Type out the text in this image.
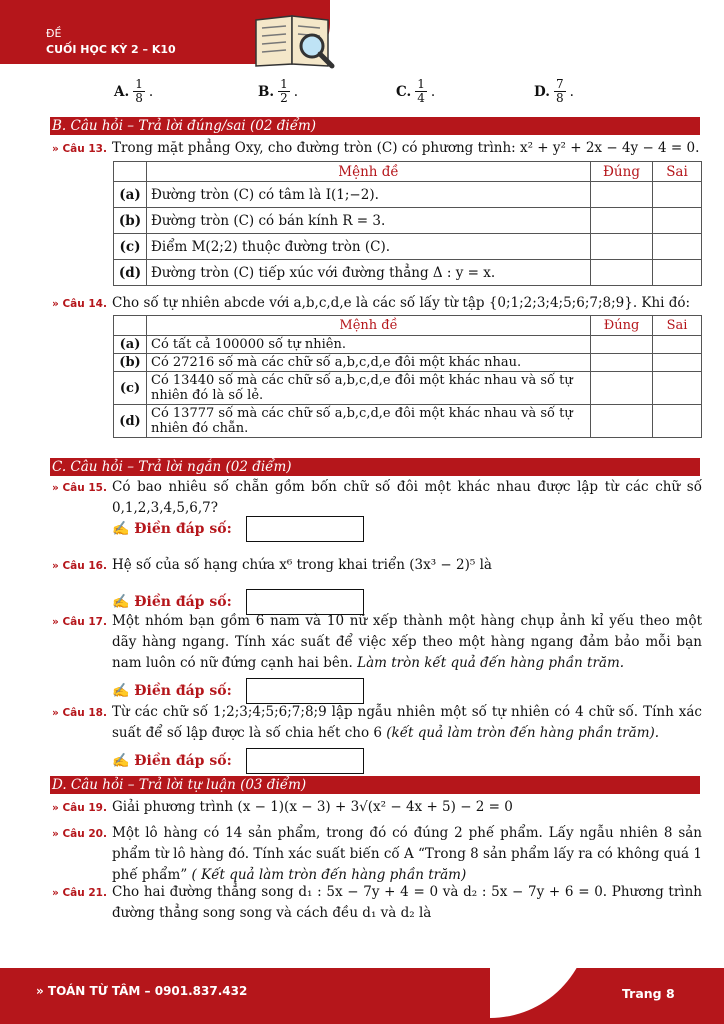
ĐỀ
CUỐI HỌC KỲ 2 – K10
A. $\frac{1}{8}$ .	B. $\frac{1}{2}$ .	C. $\frac{1}{4}$ .	D. $\frac{7}{8}$ .
B. Câu hỏi – Trả lời đúng/sai (02 điểm)
» Câu 13. Trong mặt phẳng Oxy, cho đường tròn (C) có phương trình: x² + y² + 2x − 4y − 4 = 0.
	Mệnh đề	Đúng	Sai
(a)	Đường tròn (C) có tâm là I(1;−2).		
(b)	Đường tròn (C) có bán kính R = 3.		
(c)	Điểm M(2;2) thuộc đường tròn (C).		
(d)	Đường tròn (C) tiếp xúc với đường thẳng Δ : y = x.		
» Câu 14. Cho số tự nhiên abcde với a,b,c,d,e là các số lấy từ tập {0;1;2;3;4;5;6;7;8;9}. Khi đó:
	Mệnh đề	Đúng	Sai
(a)	Có tất cả 100000 số tự nhiên.		
(b)	Có 27216 số mà các chữ số a,b,c,d,e đôi một khác nhau.		
(c)	Có 13440 số mà các chữ số a,b,c,d,e đôi một khác nhau và số tự nhiên đó là số lẻ.		
(d)	Có 13777 số mà các chữ số a,b,c,d,e đôi một khác nhau và số tự nhiên đó chẵn.		
C. Câu hỏi – Trả lời ngắn (02 điểm)
» Câu 15. Có bao nhiêu số chẵn gồm bốn chữ số đôi một khác nhau được lập từ các chữ số 0,1,2,3,4,5,6,7?
✍ Điền đáp số:
» Câu 16. Hệ số của số hạng chứa x⁶ trong khai triển (3x³ − 2)⁵ là
✍ Điền đáp số:
» Câu 17. Một nhóm bạn gồm 6 nam và 10 nữ xếp thành một hàng chụp ảnh kỉ yếu theo một dãy hàng ngang. Tính xác suất để việc xếp theo một hàng ngang đảm bảo mỗi bạn nam luôn có nữ đứng cạnh hai bên. Làm tròn kết quả đến hàng phần trăm.
✍ Điền đáp số:
» Câu 18. Từ các chữ số 1;2;3;4;5;6;7;8;9 lập ngẫu nhiên một số tự nhiên có 4 chữ số. Tính xác suất để số lập được là số chia hết cho 6 (kết quả làm tròn đến hàng phần trăm).
✍ Điền đáp số:
D. Câu hỏi – Trả lời tự luận (03 điểm)
» Câu 19. Giải phương trình (x − 1)(x − 3) + 3√(x² − 4x + 5) − 2 = 0
» Câu 20. Một lô hàng có 14 sản phẩm, trong đó có đúng 2 phế phẩm. Lấy ngẫu nhiên 8 sản phẩm từ lô hàng đó. Tính xác suất biến cố A “Trong 8 sản phẩm lấy ra có không quá 1 phế phẩm” ( Kết quả làm tròn đến hàng phần trăm)
» Câu 21. Cho hai đường thẳng song d₁ : 5x − 7y + 4 = 0 và d₂ : 5x − 7y + 6 = 0. Phương trình đường thẳng song song và cách đều d₁ và d₂ là
» TOÁN TỪ TÂM – 0901.837.432	Trang 8
